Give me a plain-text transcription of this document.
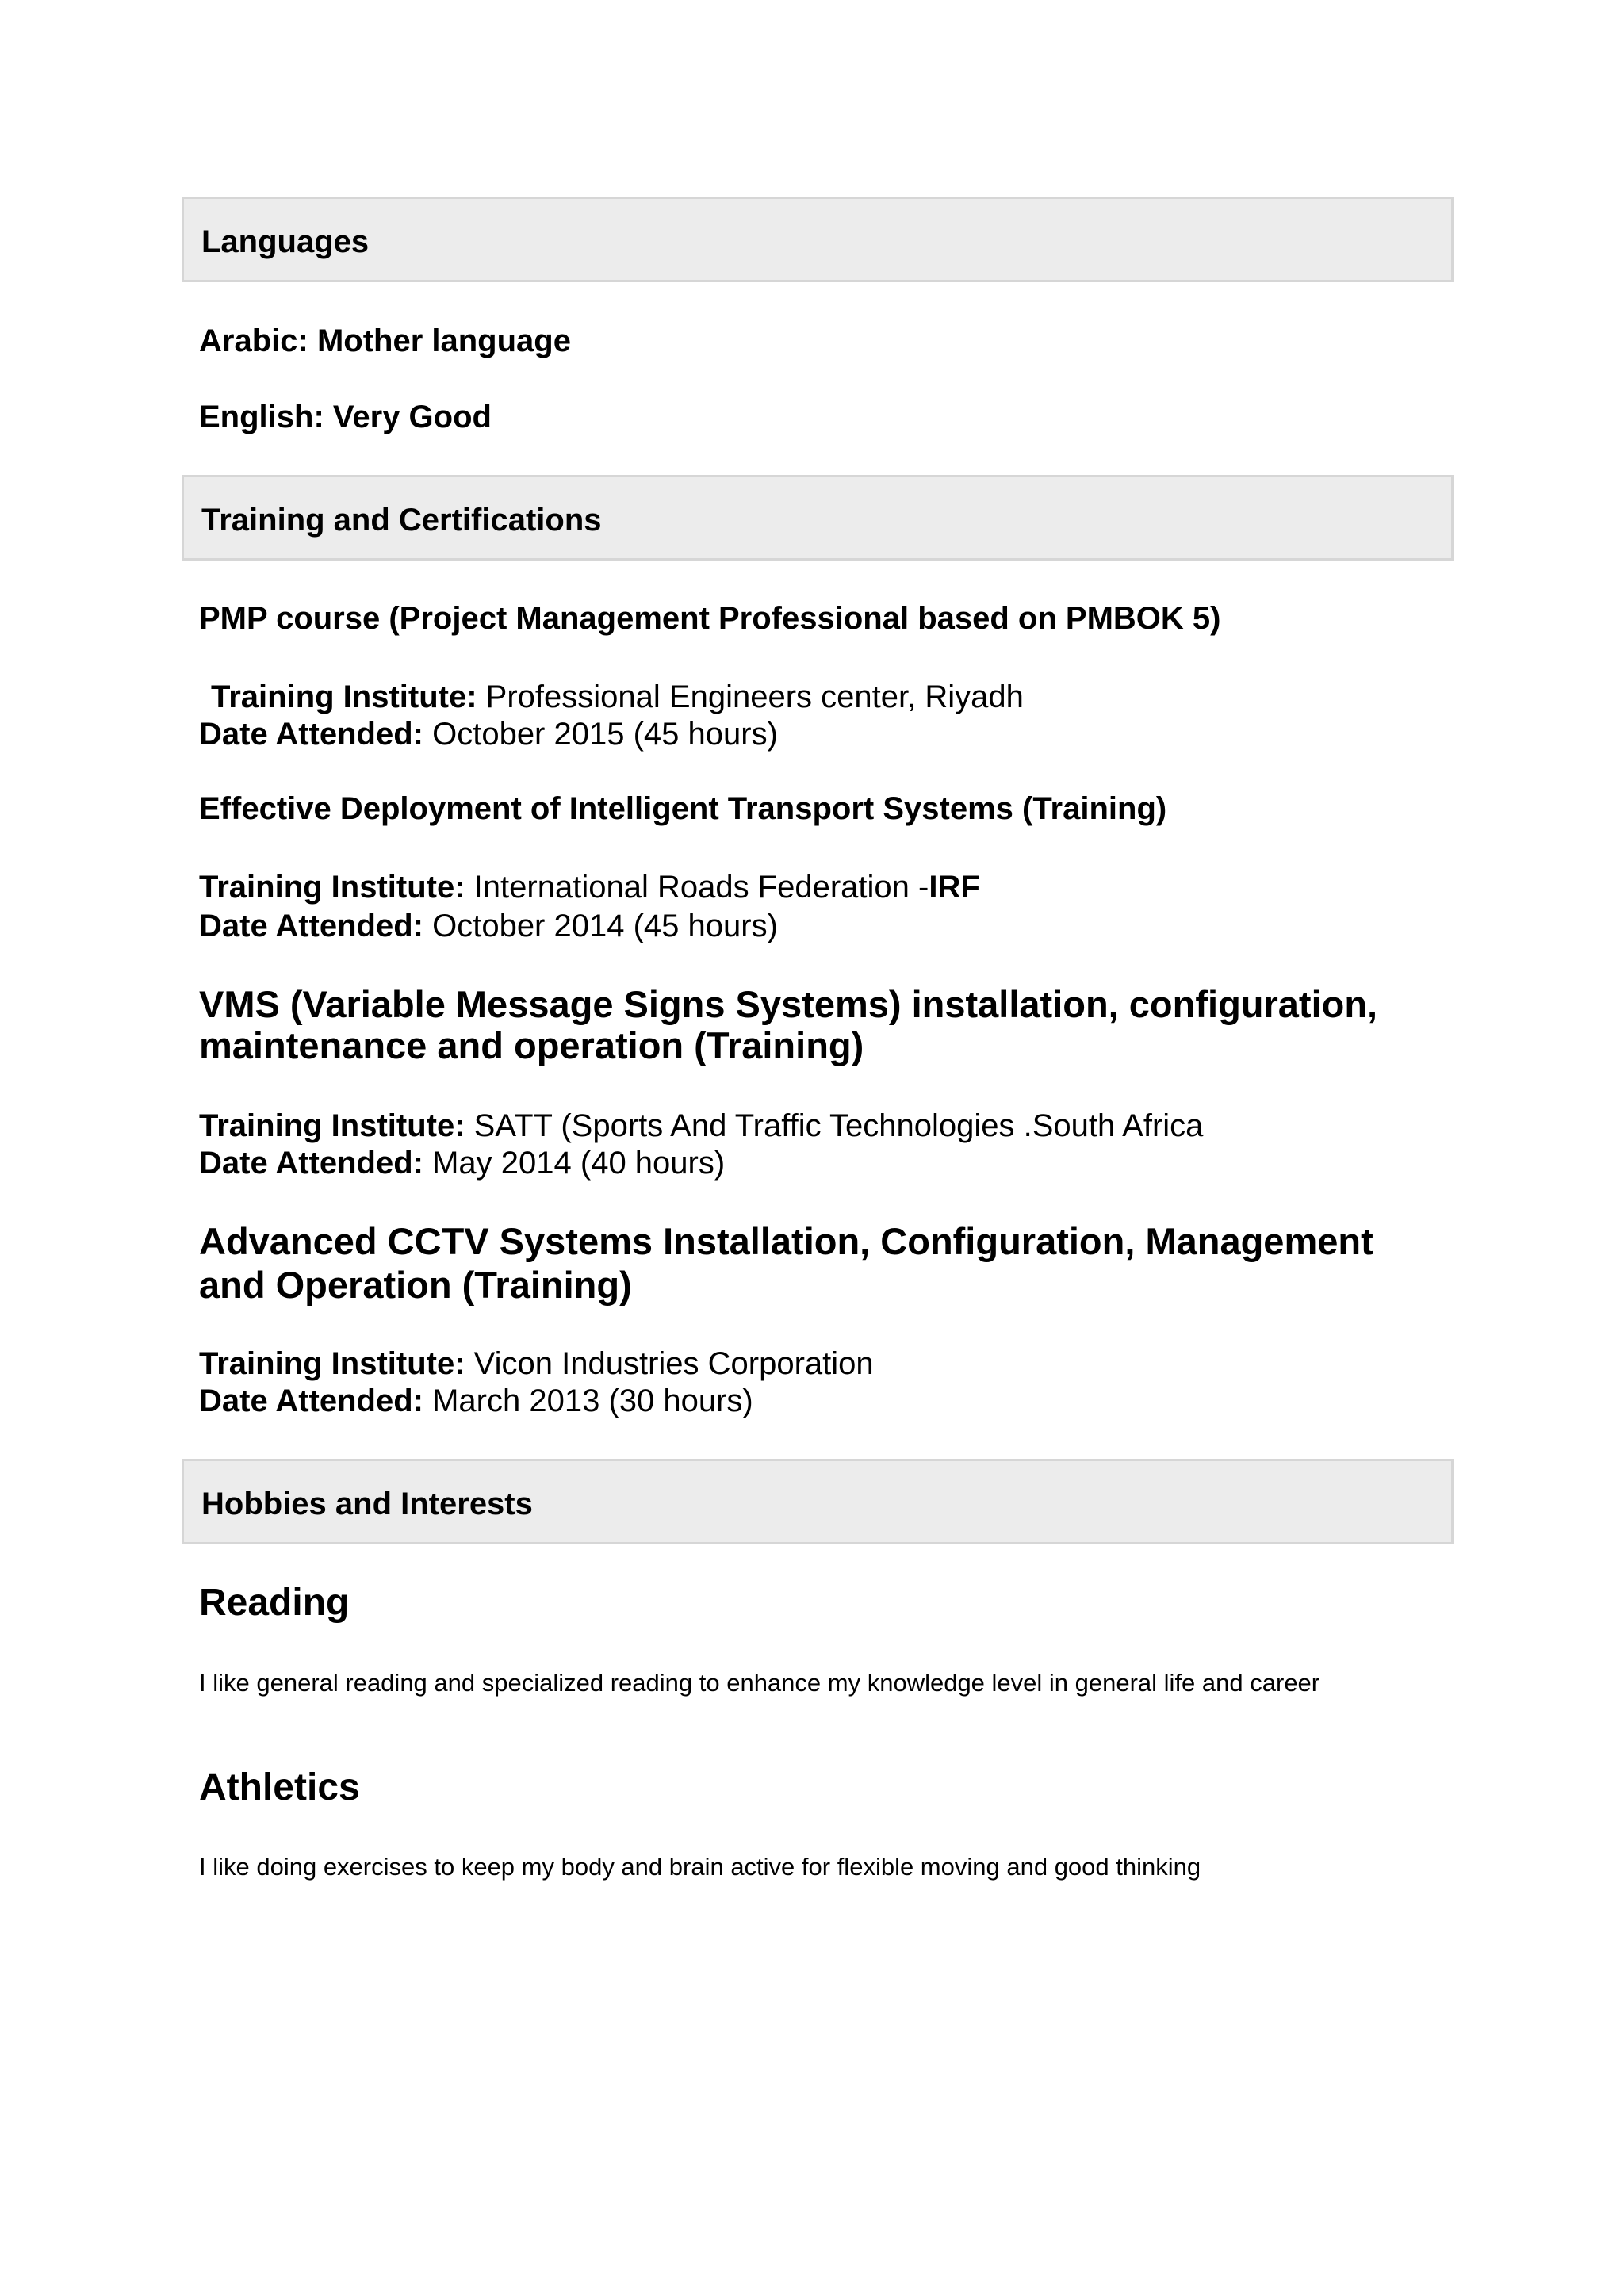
Languages
Arabic: Mother language
English: Very Good
Training and Certifications
PMP course (Project Management Professional based on PMBOK 5)
Training Institute: Professional Engineers center, Riyadh
Date Attended: October 2015 (45 hours)
Effective Deployment of Intelligent Transport Systems (Training)
Training Institute: International Roads Federation -IRF
Date Attended: October 2014 (45 hours)
VMS (Variable Message Signs Systems) installation, configuration,
maintenance and operation (Training)
Training Institute: SATT (Sports And Traffic Technologies .South Africa
Date Attended: May 2014 (40 hours)
Advanced CCTV Systems Installation, Configuration, Management
and Operation (Training)
Training Institute: Vicon Industries Corporation
Date Attended: March 2013 (30 hours)
Hobbies and Interests
Reading
I like general reading and specialized reading to enhance my knowledge level in general life and career
Athletics
I like doing exercises to keep my body and brain active for flexible moving and good thinking
